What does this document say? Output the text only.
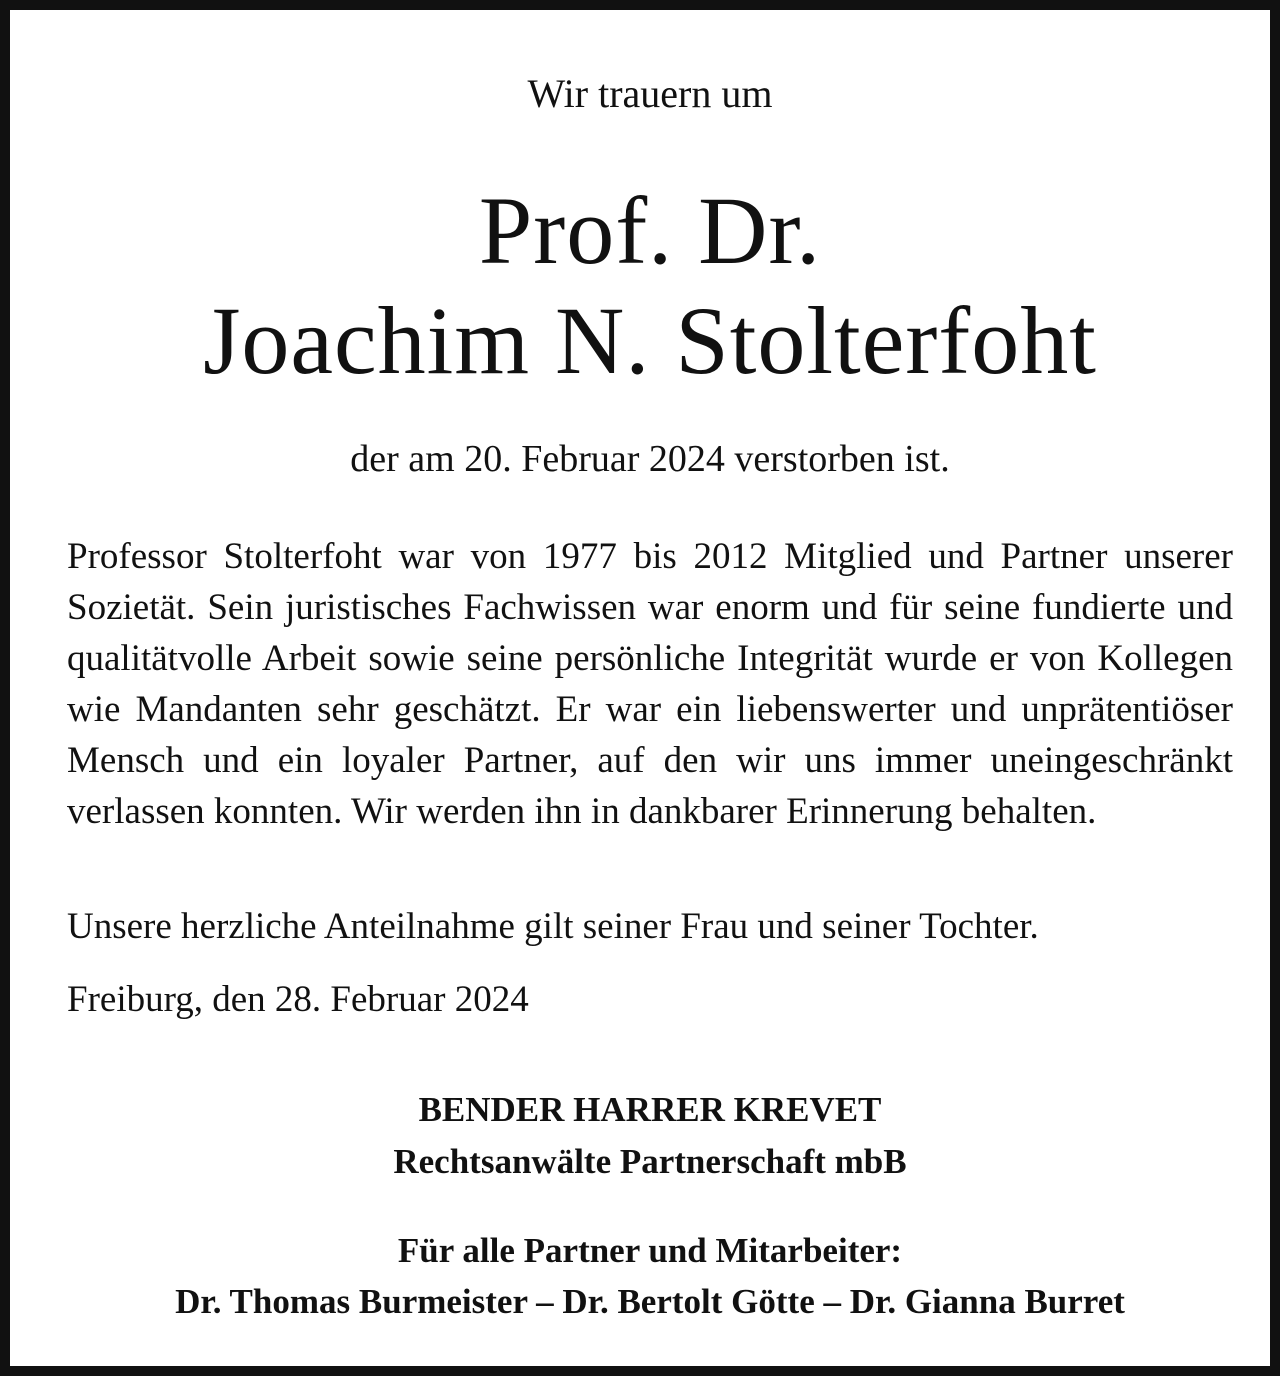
Wir trauern um
Prof. Dr.
Joachim N. Stolterfoht
der am 20. Februar 2024 verstorben ist.
Professor Stolterfoht war von 1977 bis 2012 Mitglied und Partner unserer Sozietät. Sein juristisches Fachwissen war enorm und für seine fundierte und qualitätvolle Arbeit sowie seine persönliche Integrität wurde er von Kollegen wie Mandanten sehr geschätzt. Er war ein liebenswerter und unprätentiöser Mensch und ein loyaler Partner, auf den wir uns immer uneingeschränkt verlassen konnten. Wir werden ihn in dankbarer Erinnerung behalten.
Unsere herzliche Anteilnahme gilt seiner Frau und seiner Tochter.
Freiburg, den 28. Februar 2024
BENDER HARRER KREVET
Rechtsanwälte Partnerschaft mbB
Für alle Partner und Mitarbeiter:
Dr. Thomas Burmeister – Dr. Bertolt Götte – Dr. Gianna Burret
